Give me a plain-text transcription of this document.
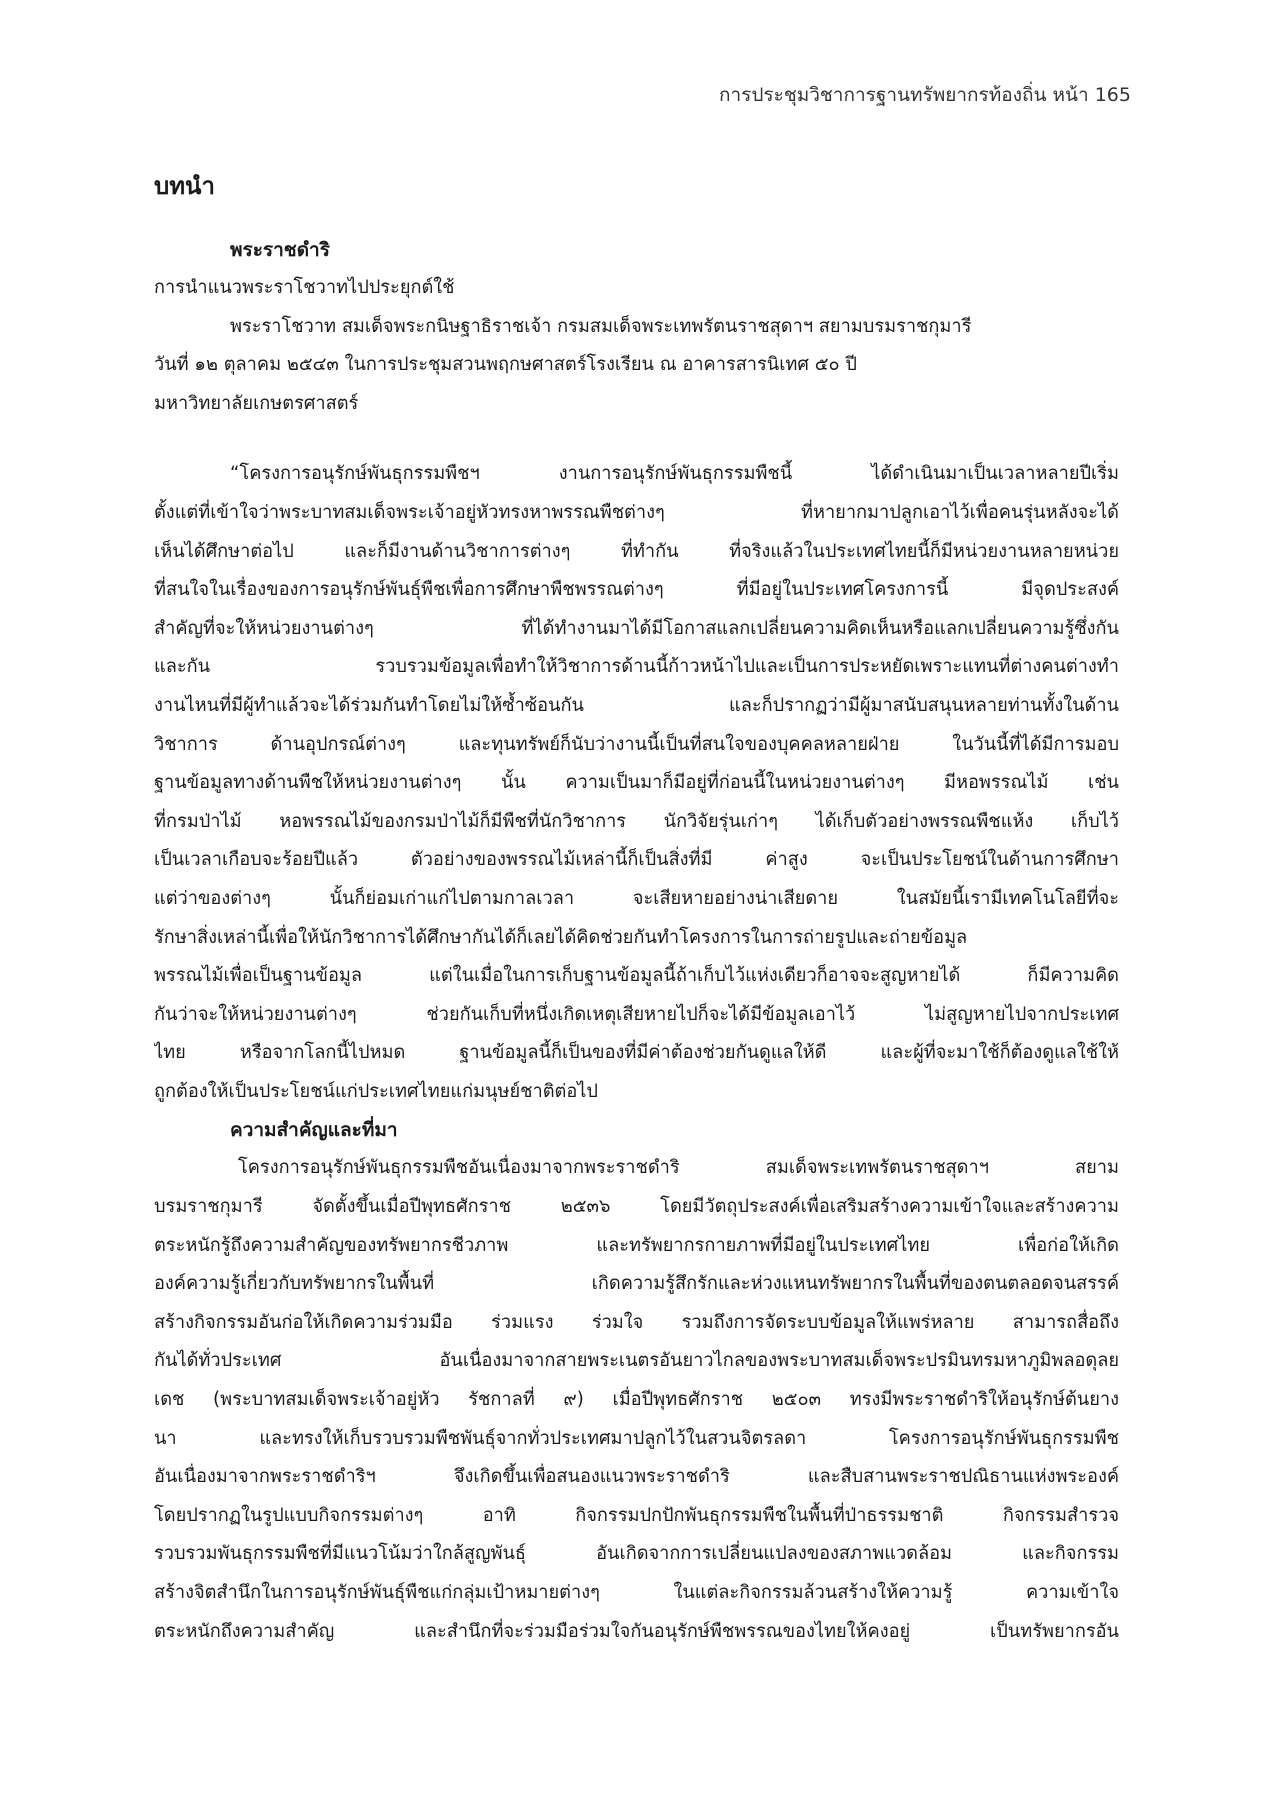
การประชุมวิชาการฐานทรัพยากรท้องถิ่น หน้า 165
บทนำ
พระราชดำริ
การนำแนวพระราโชวาทไปประยุกต์ใช้
พระราโชวาท สมเด็จพระกนิษฐาธิราชเจ้า กรมสมเด็จพระเทพรัตนราชสุดาฯ สยามบรมราชกุมารี
วันที่ ๑๒ ตุลาคม ๒๕๔๓ ในการประชุมสวนพฤกษศาสตร์โรงเรียน ณ อาคารสารนิเทศ ๕๐ ปี
มหาวิทยาลัยเกษตรศาสตร์
“โครงการอนุรักษ์พันธุกรรมพืชฯ งานการอนุรักษ์พันธุกรรมพืชนี้ ได้ดำเนินมาเป็นเวลาหลายปีเริ่ม
ตั้งแต่ที่เข้าใจว่าพระบาทสมเด็จพระเจ้าอยู่หัวทรงหาพรรณพืชต่างๆ ที่หายากมาปลูกเอาไว้เพื่อคนรุ่นหลังจะได้
เห็นได้ศึกษาต่อไป และก็มีงานด้านวิชาการต่างๆ ที่ทำกัน ที่จริงแล้วในประเทศไทยนี้ก็มีหน่วยงานหลายหน่วย
ที่สนใจในเรื่องของการอนุรักษ์พันธุ์พืชเพื่อการศึกษาพืชพรรณต่างๆ ที่มีอยู่ในประเทศโครงการนี้ มีจุดประสงค์
สำคัญที่จะให้หน่วยงานต่างๆ ที่ได้ทำงานมาได้มีโอกาสแลกเปลี่ยนความคิดเห็นหรือแลกเปลี่ยนความรู้ซึ่งกัน
และกัน รวบรวมข้อมูลเพื่อทำให้วิชาการด้านนี้ก้าวหน้าไปและเป็นการประหยัดเพราะแทนที่ต่างคนต่างทำ
งานไหนที่มีผู้ทำแล้วจะได้ร่วมกันทำโดยไม่ให้ซ้ำซ้อนกัน และก็ปรากฏว่ามีผู้มาสนับสนุนหลายท่านทั้งในด้าน
วิชาการ ด้านอุปกรณ์ต่างๆ และทุนทรัพย์ก็นับว่างานนี้เป็นที่สนใจของบุคคลหลายฝ่าย ในวันนี้ที่ได้มีการมอบ
ฐานข้อมูลทางด้านพืชให้หน่วยงานต่างๆ นั้น ความเป็นมาก็มีอยู่ที่ก่อนนี้ในหน่วยงานต่างๆ มีหอพรรณไม้ เช่น
ที่กรมป่าไม้ หอพรรณไม้ของกรมป่าไม้ก็มีพืชที่นักวิชาการ นักวิจัยรุ่นเก่าๆ ได้เก็บตัวอย่างพรรณพืชแห้ง เก็บไว้
เป็นเวลาเกือบจะร้อยปีแล้ว ตัวอย่างของพรรณไม้เหล่านี้ก็เป็นสิ่งที่มี ค่าสูง จะเป็นประโยชน์ในด้านการศึกษา
แต่ว่าของต่างๆ นั้นก็ย่อมเก่าแก่ไปตามกาลเวลา จะเสียหายอย่างน่าเสียดาย ในสมัยนี้เรามีเทคโนโลยีที่จะ
รักษาสิ่งเหล่านี้เพื่อให้นักวิชาการได้ศึกษากันได้ก็เลยได้คิดช่วยกันทำโครงการในการถ่ายรูปและถ่ายข้อมูล
พรรณไม้เพื่อเป็นฐานข้อมูล แต่ในเมื่อในการเก็บฐานข้อมูลนี้ถ้าเก็บไว้แห่งเดียวก็อาจจะสูญหายได้ ก็มีความคิด
กันว่าจะให้หน่วยงานต่างๆ ช่วยกันเก็บที่หนึ่งเกิดเหตุเสียหายไปก็จะได้มีข้อมูลเอาไว้ ไม่สูญหายไปจากประเทศ
ไทย หรือจากโลกนี้ไปหมด ฐานข้อมูลนี้ก็เป็นของที่มีค่าต้องช่วยกันดูแลให้ดี และผู้ที่จะมาใช้ก็ต้องดูแลใช้ให้
ถูกต้องให้เป็นประโยชน์แก่ประเทศไทยแก่มนุษย์ชาติต่อไป
ความสำคัญและที่มา
โครงการอนุรักษ์พันธุกรรมพืชอันเนื่องมาจากพระราชดำริ สมเด็จพระเทพรัตนราชสุดาฯ สยาม
บรมราชกุมารี จัดตั้งขึ้นเมื่อปีพุทธศักราช ๒๕๓๖ โดยมีวัตถุประสงค์เพื่อเสริมสร้างความเข้าใจและสร้างความ
ตระหนักรู้ถึงความสำคัญของทรัพยากรชีวภาพ และทรัพยากรกายภาพที่มีอยู่ในประเทศไทย เพื่อก่อให้เกิด
องค์ความรู้เกี่ยวกับทรัพยากรในพื้นที่ เกิดความรู้สึกรักและห่วงแหนทรัพยากรในพื้นที่ของตนตลอดจนสรรค์
สร้างกิจกรรมอันก่อให้เกิดความร่วมมือ ร่วมแรง ร่วมใจ รวมถึงการจัดระบบข้อมูลให้แพร่หลาย สามารถสื่อถึง
กันได้ทั่วประเทศ อันเนื่องมาจากสายพระเนตรอันยาวไกลของพระบาทสมเด็จพระปรมินทรมหาภูมิพลอดุลย
เดช (พระบาทสมเด็จพระเจ้าอยู่หัว รัชกาลที่ ๙) เมื่อปีพุทธศักราช ๒๕๐๓ ทรงมีพระราชดำริให้อนุรักษ์ต้นยาง
นา และทรงให้เก็บรวบรวมพืชพันธุ์จากทั่วประเทศมาปลูกไว้ในสวนจิตรลดา โครงการอนุรักษ์พันธุกรรมพืช
อันเนื่องมาจากพระราชดำริฯ จึงเกิดขึ้นเพื่อสนองแนวพระราชดำริ และสืบสานพระราชปณิธานแห่งพระองค์
โดยปรากฏในรูปแบบกิจกรรมต่างๆ อาทิ กิจกรรมปกปักพันธุกรรมพืชในพื้นที่ป่าธรรมชาติ กิจกรรมสำรวจ
รวบรวมพันธุกรรมพืชที่มีแนวโน้มว่าใกล้สูญพันธุ์ อันเกิดจากการเปลี่ยนแปลงของสภาพแวดล้อม และกิจกรรม
สร้างจิตสำนึกในการอนุรักษ์พันธุ์พืชแก่กลุ่มเป้าหมายต่างๆ ในแต่ละกิจกรรมล้วนสร้างให้ความรู้ ความเข้าใจ
ตระหนักถึงความสำคัญ และสำนึกที่จะร่วมมือร่วมใจกันอนุรักษ์พืชพรรณของไทยให้คงอยู่ เป็นทรัพยากรอัน
